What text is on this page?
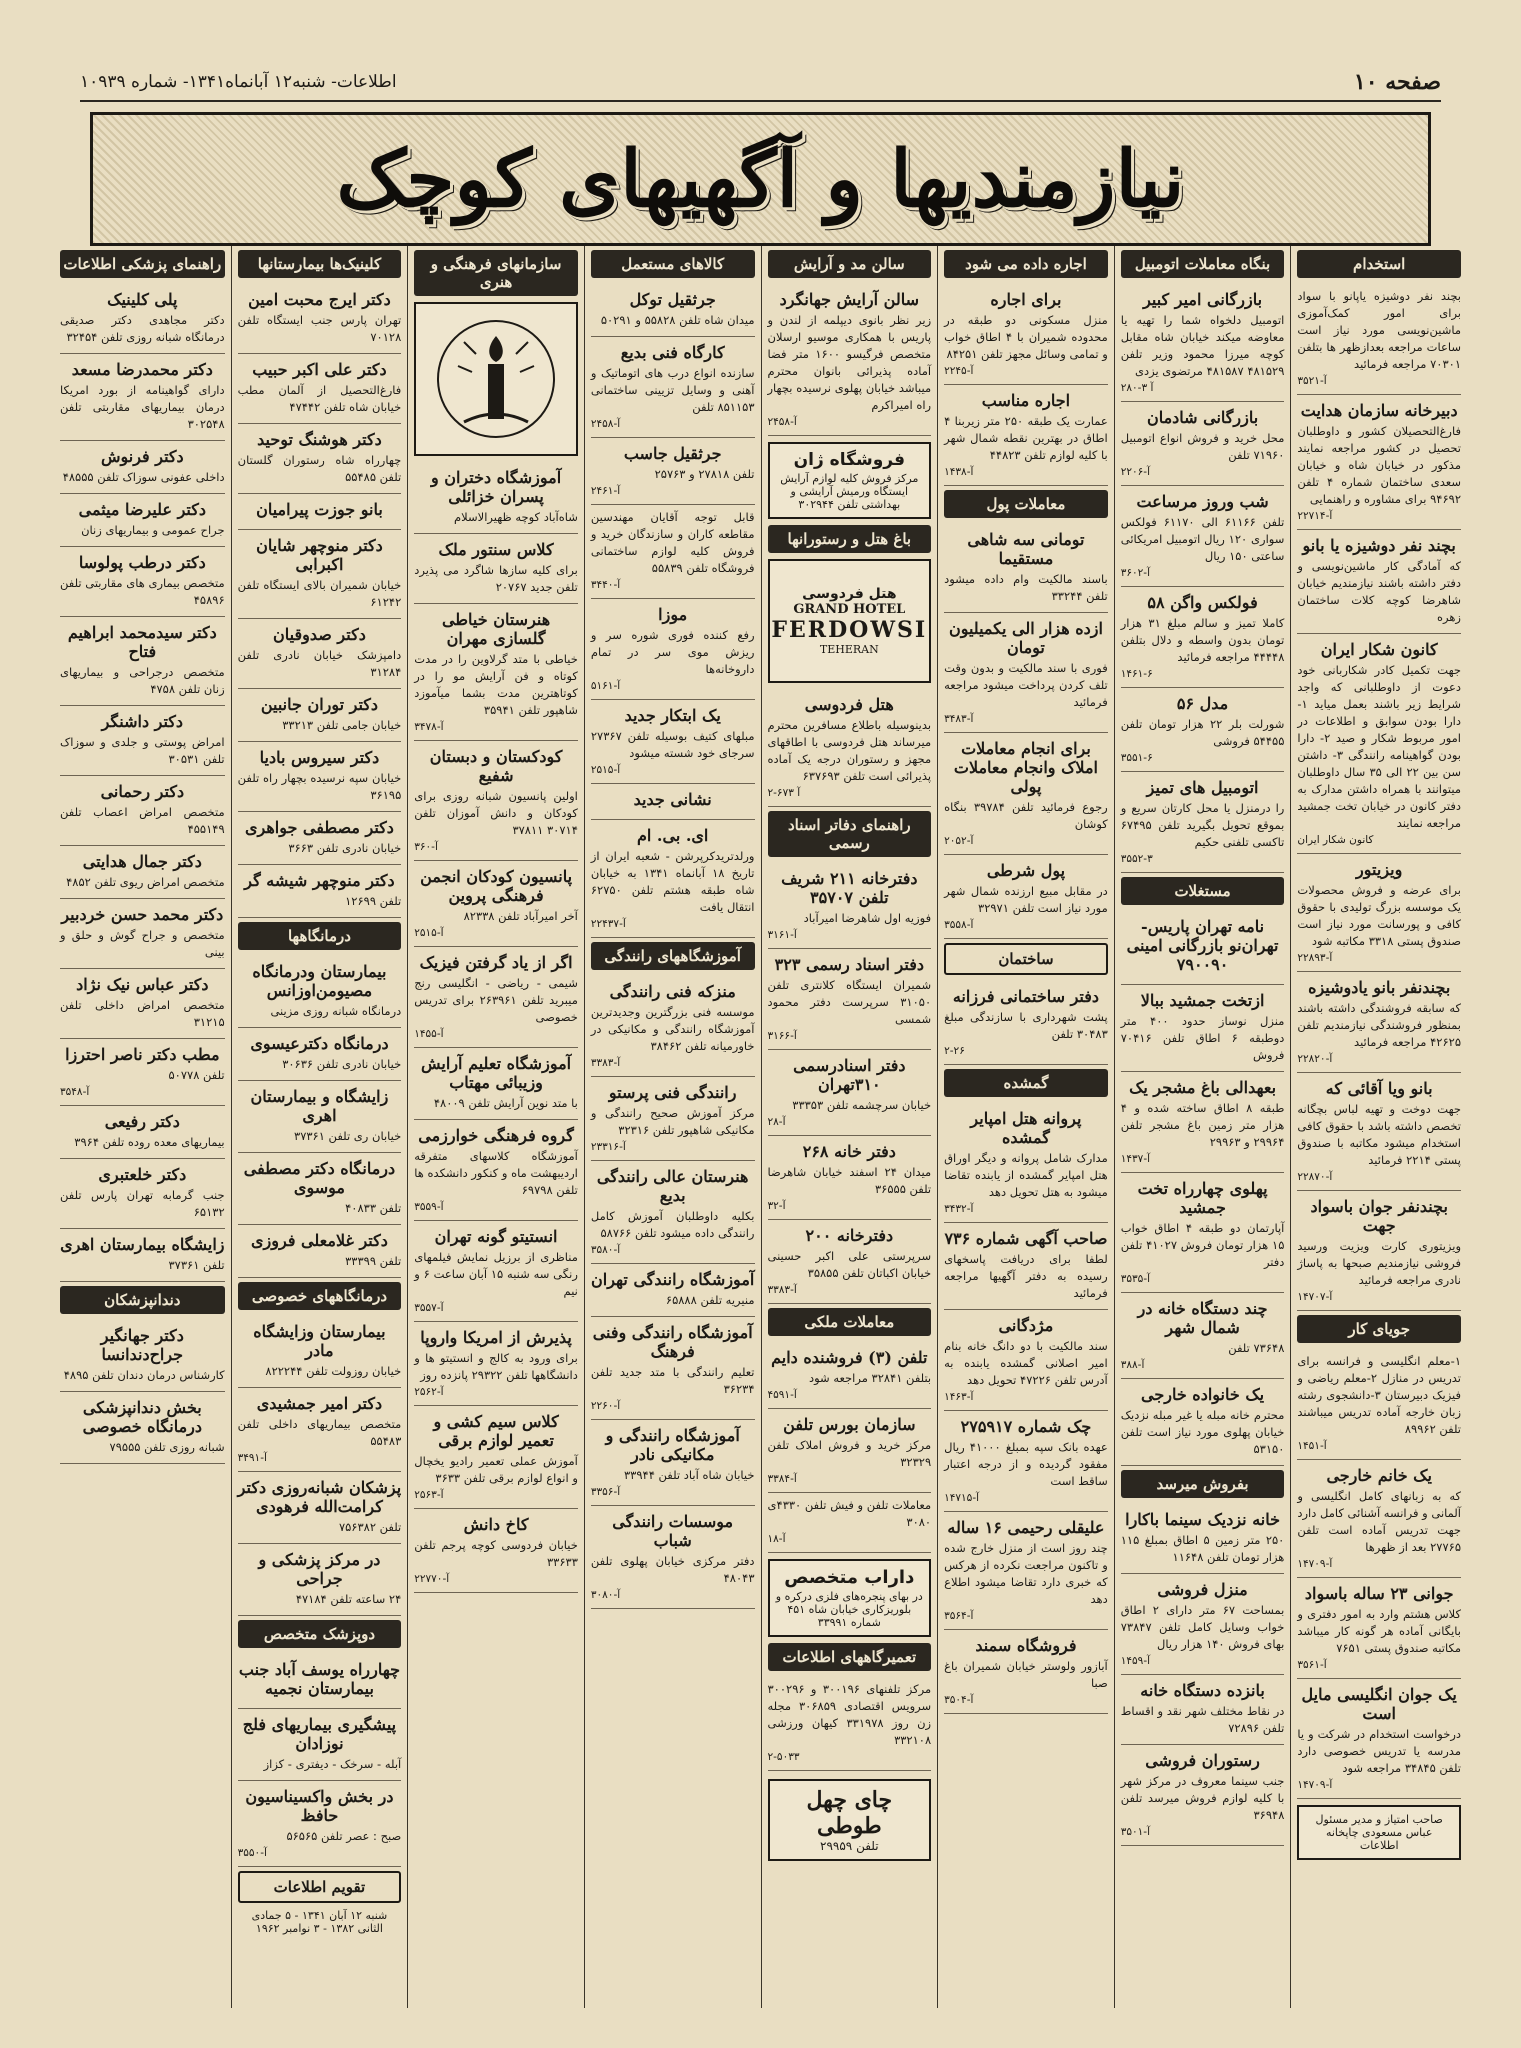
صفحه ۱۰
اطلاعات- شنبه۱۲ آبانماه۱۳۴۱- شماره ۱۰۹۳۹
نیازمندیها و آگهیهای کوچک
استخدام

بچند نفر دوشیزه یاپانو با سواد برای امور کمک‌آموزی ماشین‌نویسی مورد نیاز است ساعات مراجعه بعدازظهر ها بتلفن ۷۰۳۰۱ مراجعه فرمائید

آ-۳۵۲۱
دبیرخانه سازمان هدایت

فارغ‌التحصیلان کشور و داوطلبان تحصیل در کشور مراجعه نمایند مذکور در خیابان شاه و خیابان سعدی ساختمان شماره ۴ تلفن ۹۴۶۹۲ برای مشاوره و راهنمایی

آ-۲۲۷۱۴
بچند نفر دوشیزه یا بانو

که آمادگی کار ماشین‌نویسی و دفتر داشته باشند نیازمندیم خیابان شاهرضا کوچه کلات ساختمان زهره

کانون شکار ایران

جهت تکمیل کادر شکاربانی خود دعوت از داوطلبانی که واجد شرایط زیر باشند بعمل میاید ۱- دارا بودن سوابق و اطلاعات در امور مربوط شکار و صید ۲- دارا بودن گواهینامه رانندگی ۳- داشتن سن بین ۲۲ الی ۳۵ سال داوطلبان میتوانند با همراه داشتن مدارک به دفتر کانون در خیابان تخت جمشید مراجعه نمایند

کانون شکار ایران
ویزیتور

برای عرضه و فروش محصولات یک موسسه بزرگ تولیدی با حقوق کافی و پورسانت مورد نیاز است صندوق پستی ۳۳۱۸ مکاتبه شود

آ-۲۲۸۹۳
بچندنفر بانو یادوشیزه

که سابقه فروشندگی داشته باشند بمنظور فروشندگی نیازمندیم تلفن ۴۲۶۲۵ مراجعه فرمائید

آ-۲۲۸۲۰
بانو ویا آقائی که

جهت دوخت و تهیه لباس بچگانه تخصص داشته باشد با حقوق کافی استخدام میشود مکاتبه با صندوق پستی ۲۲۱۴ فرمائید

آ-۲۲۸۷۰
بچندنفر جوان باسواد جهت

ویزیتوری کارت ویزیت ورسید فروشی نیازمندیم صبحها به پاساژ نادری مراجعه فرمائید

آ-۱۴۷۰۷
جویای کار

۱-معلم انگلیسی و فرانسه برای تدریس در منازل ۲-معلم ریاضی و فیزیک دبیرستان ۳-دانشجوی رشته زبان خارجه آماده تدریس میباشند تلفن ۸۹۹۶۲

آ-۱۴۵۱
یک خانم خارجی

که به زبانهای کامل انگلیسی و آلمانی و فرانسه آشنائی کامل دارد جهت تدریس آماده است تلفن ۲۷۷۶۵ بعد از ظهرها

آ-۱۴۷۰۹
جوانی ۲۳ ساله باسواد

کلاس هشتم وارد به امور دفتری و بایگانی آماده هر گونه کار میباشد مکاتبه صندوق پستی ۷۶۵۱

آ-۳۵۶۱
یک جوان انگلیسی مایل است

درخواست استخدام در شرکت و یا مدرسه یا تدریس خصوصی دارد تلفن ۳۴۸۴۵ مراجعه شود

آ-۱۴۷۰۹

صاحب امتیاز و مدیر مسئول عباس مسعودی چاپخانه اطلاعات

بنگاه معاملات اتومبیل
بازرگانی امیر کبیر

اتومبیل دلخواه شما را تهیه یا معاوضه میکند خیابان شاه مقابل کوچه میرزا محمود وزیر تلفن ۴۸۱۵۲۹ ۴۸۱۵۸۷ مرتضوی یزدی

۲۸۰-۳ آ
بازرگانی شادمان

محل خرید و فروش انواع اتومبیل ۷۱۹۶۰ تلفن

۲۲۰۶-آ
شب وروز مرساعت

تلفن ۶۱۱۶۶ الی ۶۱۱۷۰ فولکس سواری ۱۲۰ ریال اتومبیل امریکائی ساعتی ۱۵۰ ریال

۳۶۰۲-آ
فولکس واگن ۵۸

کاملا تمیز و سالم مبلغ ۳۱ هزار تومان بدون واسطه و دلال بتلفن ۴۴۴۴۸ مراجعه فرمائید

۱۴۶۱-۶
مدل ۵۶

شورلت بلر ۲۲ هزار تومان تلفن ۵۴۴۵۵ فروشی

۳۵۵۱-۶
اتومبیل های تمیز

را درمنزل یا محل کارتان سریع و بموقع تحویل بگیرید تلفن ۶۷۴۹۵ تاکسی تلفنی حکیم

۳۵۵۲-۳
مستغلات
نامه تهران پاریس- تهران‌نو بازرگانی امینی ۷۹۰۰۹۰
ازتخت جمشید ببالا

منزل نوساز حدود ۴۰۰ متر دوطبقه ۶ اطاق تلفن ۷۰۴۱۶ فروش

بعهدالی باغ مشجر یک

طبقه ۸ اطاق ساخته شده و ۴ هزار متر زمین باغ مشجر تلفن ۲۹۹۶۴ و ۲۹۹۶۳

آ-۱۴۳۷
پهلوی چهارراه تخت جمشید

آپارتمان دو طبقه ۴ اطاق خواب ۱۵ هزار تومان فروش ۴۱۰۲۷ تلفن دفتر

آ-۳۵۳۵
چند دستگاه خانه در شمال شهر

۷۳۶۴۸ تلفن

آ-۳۸۸
یک خانواده خارجی

محترم خانه مبله یا غیر مبله نزدیک خیابان پهلوی مورد نیاز است تلفن ۵۳۱۵۰

بفروش میرسد
خانه نزدیک سینما باکارا

۲۵۰ متر زمین ۵ اطاق بمبلغ ۱۱۵ هزار تومان تلفن ۱۱۶۴۸

منزل فروشی

بمساحت ۶۷ متر دارای ۲ اطاق خواب وسایل کامل تلفن ۷۳۸۴۷ بهای فروش ۱۴۰ هزار ریال

آ-۱۴۵۹
بانزده دستگاه خانه

در نقاط مختلف شهر نقد و اقساط تلفن ۷۲۸۹۶

رستوران فروشی

جنب سینما معروف در مرکز شهر با کلیه لوازم فروش میرسد تلفن ۳۶۹۴۸

۳۵۰۱-آ
اجاره داده می شود
برای اجاره

منزل مسکونی دو طبقه در محدوده شمیران با ۴ اطاق خواب و تمامی وسائل مجهز تلفن ۸۴۲۵۱

آ-۲۲۴۵
اجاره مناسب

عمارت یک طبقه ۲۵۰ متر زیربنا ۴ اطاق در بهترین نقطه شمال شهر با کلیه لوازم تلفن ۴۴۸۲۳

آ-۱۴۳۸
معاملات پول
تومانی سه شاهی مستقیما

باسند مالکیت وام داده میشود تلفن ۳۳۲۴۴

ازده هزار الی یکمیلیون تومان

فوری با سند مالکیت و بدون وقت تلف کردن پرداخت میشود مراجعه فرمائید

آ-۳۴۸۳
برای انجام معاملات املاک وانجام معاملات پولی

رجوع فرمائید تلفن ۳۹۷۸۴ بنگاه کوشان

آ-۲۰۵۲
پول شرطی

در مقابل مبیع ارزنده شمال شهر مورد نیاز است تلفن ۳۲۹۷۱

آ-۳۵۵۸
ساختمان
دفتر ساختمانی فرزانه

پشت شهرداری با سازندگی مبلغ ۳۰۴۸۳ تلفن

۲-۲۶
گمشده
پروانه هتل امپایر گمشده

مدارک شامل پروانه و دیگر اوراق هتل امپایر گمشده از یابنده تقاضا میشود به هتل تحویل دهد

آ-۳۴۳۲
صاحب آگهی شماره ۷۳۶

لطفا برای دریافت پاسخهای رسیده به دفتر آگهیها مراجعه فرمائید

مژدگانی

سند مالکیت با دو دانگ خانه بنام امیر اصلانی گمشده یابنده به آدرس تلفن ۴۷۲۲۶ تحویل دهد

آ-۱۴۶۳
چک شماره ۲۷۵۹۱۷

عهده بانک سپه بمبلغ ۴۱۰۰۰ ریال مفقود گردیده و از درجه اعتبار ساقط است

آ-۱۴۷۱۵
علیقلی رحیمی ۱۶ ساله

چند روز است از منزل خارج شده و تاکنون مراجعت نکرده از هرکس که خبری دارد تقاضا میشود اطلاع دهد

آ-۳۵۶۴
فروشگاه سمند

آبازور ولوستر خیابان شمیران باغ صبا

آ-۳۵۰۴
سالن مد و آرایش
سالن آرایش جهانگرد

زیر نظر بانوی دیپلمه از لندن و پاریس با همکاری موسیو ارسلان متخصص فرگیسو ۱۶۰۰ متر فضا آماده پذیرائی بانوان محترم میباشد خیابان پهلوی نرسیده بچهار راه امیراکرم

آ-۲۴۵۸
فروشگاه ژان

مرکز فروش کلیه لوازم آرایش ایستگاه ورمیش آرایشی و بهداشتی تلفن ۳۰۲۹۴۴

باغ هتل و رستورانها
هتل فردوسی
GRAND HOTEL
FERDOWSI
TEHERAN
هتل فردوسی

بدینوسیله باطلاع مسافرین محترم میرساند هتل فردوسی با اطاقهای مجهز و رستوران درجه یک آماده پذیرائی است تلفن ۶۳۷۶۹۳

۲-۶۷۳ آ
راهنمای دفاتر اسناد رسمی
دفترخانه ۲۱۱ شریف تلفن ۳۵۷۰۷

فوزیه اول شاهرضا امیرآباد

آ-۳۱۶۱
دفتر اسناد رسمی ۳۲۳

شمیران ایستگاه کلانتری تلفن ۳۱۰۵۰ سرپرست دفتر محمود شمسی

آ-۳۱۶۶
دفتر اسنادرسمی ۳۱۰تهران

خیابان سرچشمه تلفن ۳۳۳۵۳

آ-۲۸
دفتر خانه ۲۶۸

میدان ۲۴ اسفند خیابان شاهرضا تلفن ۳۶۵۵۵

آ-۳۲
دفترخانه ۲۰۰

سرپرستی علی اکبر حسینی خیابان اکباتان تلفن ۳۵۸۵۵

آ-۳۳۸۳
معاملات ملکی
تلفن (۳) فروشنده دایم

بتلفن ۳۲۸۴۱ مراجعه شود

آ-۴۵۹۱
سازمان بورس تلفن

مرکز خرید و فروش املاک تلفن ۳۲۳۲۹

آ-۳۳۸۴

معاملات تلفن و فیش تلفن ۴۳۳۰ی ۳۰۸۰

آ-۱۸
داراب متخصص

در بهای پنجره‌های فلزی درکره و بلوریزکاری خیابان شاه ۴۵۱ شماره ۳۳۹۹۱

تعمیرگاههای اطلاعات

مرکز تلفنهای ۳۰۰۱۹۶ و ۳۰۰۲۹۶ سرویس اقتصادی ۳۰۶۸۵۹ مجله زن روز ۳۳۱۹۷۸ کیهان ورزشی ۳۳۲۱۰۸

۲-۵۰۳۳
چای چهل طوطی
تلفن ۲۹۹۵۹
کالاهای مستعمل
جرثقیل توکل

میدان شاه تلفن ۵۵۸۲۸ و ۵۰۲۹۱

کارگاه فنی بدیع

سازنده انواع درب های اتوماتیک و آهنی و وسایل تزیینی ساختمانی ۸۵۱۱۵۳ تلفن

آ-۲۴۵۸
جرثقیل جاسب

تلفن ۲۷۸۱۸ و ۲۵۷۶۳

آ-۲۴۶۱

قابل توجه آقایان مهندسین مقاطعه کاران و سازندگان خرید و فروش کلیه لوازم ساختمانی فروشگاه تلفن ۵۵۸۳۹

آ-۳۴۴۰
موزا

رفع کننده فوری شوره سر و ریزش موی سر در تمام داروخانه‌ها

آ-۵۱۶۱
یک ابتکار جدید

مبلهای کتیف بوسیله تلفن ۲۷۳۶۷ سرجای خود شسته میشود

آ-۲۵۱۵
نشانی جدید
ای. بی. ام

ورلدتریدکرپرشن - شعبه ایران از تاریخ ۱۸ آبانماه ۱۳۴۱ به خیابان شاه طبقه هشتم تلفن ۶۲۷۵۰ انتقال یافت

آ-۲۲۴۳۷
آموزشگاههای رانندگی
منزکه فنی رانندگی

موسسه فنی بزرگترین وجدیدترین آموزشگاه رانندگی و مکانیکی در خاورمیانه تلفن ۳۸۴۶۲

آ-۳۳۸۳
رانندگی فنی پرستو

مرکز آموزش صحیح رانندگی و مکانیکی شاهپور تلفن ۳۲۳۱۶

آ-۲۳۳۱۶
هنرستان عالی رانندگی بدیع

بکلیه داوطلبان آموزش کامل رانندگی داده میشود تلفن ۵۸۷۶۶

آ-۳۵۸۰
آموزشگاه رانندگی تهران

منیریه تلفن ۶۵۸۸۸

آموزشگاه رانندگی وفنی فرهنگ

تعلیم رانندگی با متد جدید تلفن ۳۶۲۳۴

آ-۲۲۶۰
آموزشگاه رانندگی و مکانیکی نادر

خیابان شاه آباد تلفن ۳۳۹۴۴

آ-۳۳۵۶
موسسات رانندگی شباب

دفتر مرکزی خیابان پهلوی تلفن ۴۸۰۴۳

آ-۳۰۸۰
سازمانهای فرهنگی و هنری
آموزشگاه دختران و پسران خزائلی

شاه‌آباد کوچه ظهیرالاسلام

کلاس سنتور ملک

برای کلیه سازها شاگرد می پذیرد تلفن جدید ۲۰۷۶۷

هنرستان خیاطی گلسازی مهران

خیاطی با متد گرلاوین را در مدت کوتاه و فن آرایش مو را در کوتاهترین مدت بشما میآموزد شاهپور تلفن ۳۵۹۴۱

آ-۳۴۷۸
کودکستان و دبستان شفیع

اولین پانسیون شبانه روزی برای کودکان و دانش آموزان تلفن ۳۰۷۱۴ ۳۷۸۱۱

آ-۳۶۰
پانسیون کودکان انجمن فرهنگی پروین

آخر امیرآباد تلفن ۸۲۳۳۸

آ-۲۵۱۵
اگر از یاد گرفتن فیزیک

شیمی - ریاضی - انگلیسی رنج میبرید تلفن ۲۶۳۹۶۱ برای تدریس خصوصی

آ-۱۴۵۵
آموزشگاه تعلیم آرایش وزیبائی مهتاب

با متد نوین آرایش تلفن ۴۸۰۰۹

گروه فرهنگی خوارزمی

آموزشگاه کلاسهای متفرقه اردیبهشت ماه و کنکور دانشکده ها تلفن ۶۹۷۹۸

آ-۳۵۵۹
انستیتو گونه تهران

مناظری از برزیل نمایش فیلمهای رنگی سه شنبه ۱۵ آبان ساعت ۶ و نیم

آ-۳۵۵۷
پذیرش از امریکا واروپا

برای ورود به کالج و انستیتو ها و دانشگاهها تلفن ۲۹۳۲۲ پانزده روز

آ-۲۵۶۲
کلاس سیم کشی و تعمیر لوازم برقی

آموزش عملی تعمیر رادیو یخچال و انواع لوازم برقی تلفن ۳۶۳۳

آ-۲۵۶۳
کاخ دانش

خیابان فردوسی کوچه پرجم تلفن ۳۳۶۳۳

آ-۲۲۷۷۰
کلینیک‌ها بیمارستانها
دکتر ایرج محبت امین

تهران پارس جنب ایستگاه تلفن ۷۰۱۲۸

دکتر علی اکبر حبیب

فارغ‌التحصیل از آلمان مطب خیابان شاه تلفن ۴۷۴۴۲

دکتر هوشنگ توحید

چهارراه شاه رستوران گلستان تلفن ۵۵۴۸۵

بانو جوزت پیرامیان
دکتر منوچهر شایان اکبرابی

خیابان شمیران بالای ایستگاه تلفن ۶۱۲۴۲

دکتر صدوقیان

دامپزشک خیابان نادری تلفن ۳۱۲۸۴

دکتر توران جانبین

خیابان جامی تلفن ۳۳۲۱۳

دکتر سیروس بادیا

خیابان سپه نرسیده بچهار راه تلفن ۳۶۱۹۵

دکتر مصطفی جواهری

خیابان نادری تلفن ۳۶۶۳

دکتر منوچهر شیشه گر

تلفن ۱۲۶۹۹

درمانگاهها
بیمارستان ودرمانگاه مصیومن‌اوزانس

درمانگاه شبانه روزی مزینی

درمانگاه دکترعیسوی

خیابان نادری تلفن ۳۰۶۳۶

زایشگاه و بیمارستان اهری

خیابان ری تلفن ۳۷۳۶۱

درمانگاه دکتر مصطفی موسوی

تلفن ۴۰۸۳۳

دکتر غلامعلی فروزی

تلفن ۳۳۳۹۹

درمانگاههای خصوصی
بیمارستان وزایشگاه مادر

خیابان روزولت تلفن ۸۲۲۲۴۴

دکتر امیر جمشیدی

متخصص بیماریهای داخلی تلفن ۵۵۴۸۳

آ-۳۴۹۱
پزشکان شبانه‌روزی دکتر کرامت‌الله فرهودی

تلفن ۷۵۶۳۸۲

در مرکز پزشکی و جراحی

۲۴ ساعته تلفن ۴۷۱۸۴

دوپزشک متخصص
چهارراه یوسف آباد جنب بیمارستان نجمیه
پیشگیری بیماریهای فلج نوزادان

آبله - سرخک - دیفتری - کزاز

در بخش واکسیناسیون حافظ

صبح : عصر تلفن ۵۶۵۶۵

آ-۳۵۵۰
تقویم اطلاعات

شنبه ۱۲ آبان ۱۳۴۱ - ۵ جمادی الثانی ۱۳۸۲ - ۳ نوامبر ۱۹۶۲

راهنمای پزشکی اطلاعات
پلی کلینیک

دکتر مجاهدی دکتر صدیقی درمانگاه شبانه روزی تلفن ۳۲۴۵۴

دکتر محمدرضا مسعد

دارای گواهینامه از بورد امریکا درمان بیماریهای مقاربتی تلفن ۳۰۲۵۴۸

دکتر فرنوش

داخلی عفونی سوزاک تلفن ۴۸۵۵۵

دکتر علیرضا میثمی

جراح عمومی و بیماریهای زنان

دکتر درطب پولوسا

متخصص بیماری های مقاربتی تلفن ۴۵۸۹۶

دکتر سیدمحمد ابراهیم فتاح

متخصص درجراحی و بیماریهای زنان تلفن ۴۷۵۸

دکتر داشنگر

امراض پوستی و جلدی و سوزاک تلفن ۳۰۵۳۱

دکتر رحمانی

متخصص امراض اعصاب تلفن ۴۵۵۱۴۹

دکتر جمال هدایتی

متخصص امراض ریوی تلفن ۴۸۵۲

دکتر محمد حسن خردبیر

متخصص و جراح گوش و حلق و بینی

دکتر عباس نیک نژاد

متخصص امراض داخلی تلفن ۳۱۲۱۵

مطب دکتر ناصر احترزا

تلفن ۵۰۷۷۸

آ-۳۵۴۸
دکتر رفیعی

بیماریهای معده روده تلفن ۳۹۶۴

دکتر خلعتبری

جنب گرمابه تهران پارس تلفن ۶۵۱۳۲

زایشگاه بیمارستان اهری

تلفن ۳۷۳۶۱

دندانپزشکان
دکتر جهانگیر جراح‌دندانسا

کارشناس درمان دندان تلفن ۴۸۹۵

بخش دندانپزشکی درمانگاه خصوصی

شبانه روزی تلفن ۷۹۵۵۵
